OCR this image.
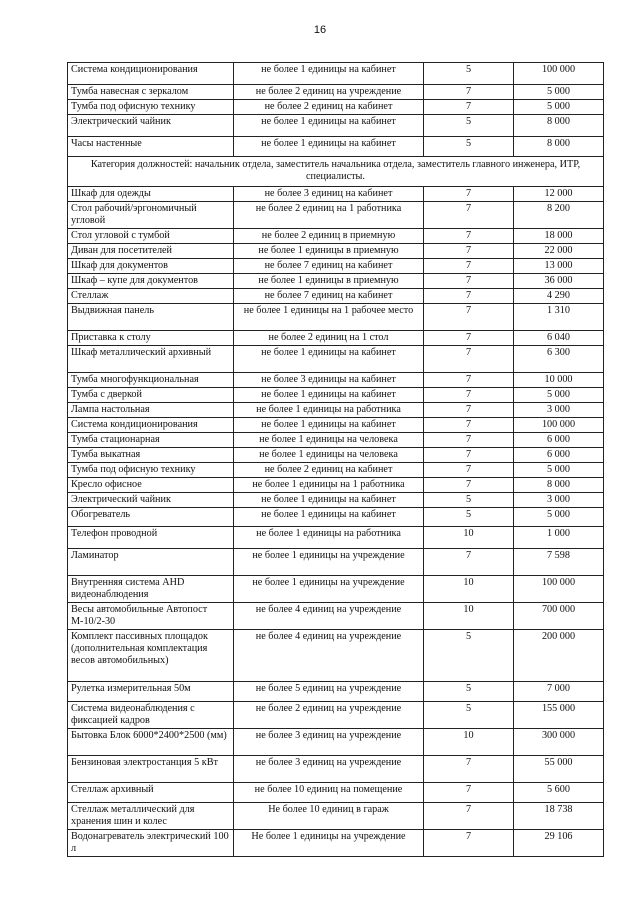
16
Система кондиционирования	не более 1 единицы на кабинет	5	100 000
Тумба навесная с зеркалом	не более 2 единиц на учреждение	7	5 000
Тумба под офисную технику	не более 2 единиц на кабинет	7	5 000
Электрический чайник	не более 1 единицы на кабинет	5	8 000
Часы настенные	не более 1 единицы на кабинет	5	8 000
Категория должностей: начальник отдела, заместитель начальника отдела, заместитель главного инженера, ИТР, специалисты.			
Шкаф для одежды	не более 3 единиц на кабинет	7	12 000
Стол рабочий/эргономичный угловой	не более 2 единиц на 1 работника	7	8 200
Стол угловой с тумбой	не более 2 единиц в приемную	7	18 000
Диван для посетителей	не более 1 единицы в приемную	7	22 000
Шкаф для документов	не более 7 единиц на кабинет	7	13 000
Шкаф – купе для документов	не более 1 единицы в приемную	7	36 000
Стеллаж	не более 7 единиц на кабинет	7	4 290
Выдвижная панель	не более 1 единицы на 1 рабочее место	7	1 310
Приставка к столу	не более 2 единиц на 1 стол	7	6 040
Шкаф металлический архивный	не более 1 единицы на кабинет	7	6 300
Тумба многофункциональная	не более 3 единицы на кабинет	7	10 000
Тумба с дверкой	не более 1 единицы на кабинет	7	5 000
Лампа настольная	не более 1 единицы на работника	7	3 000
Система кондиционирования	не более 1 единицы на кабинет	7	100 000
Тумба стационарная	не более 1 единицы на человека	7	6 000
Тумба выкатная	не более 1 единицы на человека	7	6 000
Тумба под офисную технику	не более 2 единиц на кабинет	7	5 000
Кресло офисное	не более 1 единицы на 1 работника	7	8 000
Электрический чайник	не более 1 единицы на кабинет	5	3 000
Обогреватель	не более 1 единицы на кабинет	5	5 000
Телефон проводной	не более 1 единицы на работника	10	1 000
Ламинатор	не более 1 единицы на учреждение	7	7 598
Внутренняя система AHD видеонаблюдения	не более 1 единицы на учреждение	10	100 000
Весы автомобильные Автопост М-10/2-30	не более 4 единиц на учреждение	10	700 000
Комплект пассивных площадок (дополнительная комплектация весов автомобильных)	не более 4 единиц на учреждение	5	200 000
Рулетка измерительная 50м	не более 5 единиц на учреждение	5	7 000
Система видеонаблюдения с фиксацией кадров	не более 2 единиц на учреждение	5	155 000
Бытовка Блок 6000*2400*2500 (мм)	не более 3 единиц на учреждение	10	300 000
Бензиновая электростанция 5 кВт	не более 3 единиц на учреждение	7	55 000
Стеллаж архивный	не более 10 единиц на помещение	7	5 600
Стеллаж металлический для хранения шин и колес	Не более 10 единиц в гараж	7	18 738
Водонагреватель электрический 100 л	Не более 1 единицы на учреждение	7	29 106
